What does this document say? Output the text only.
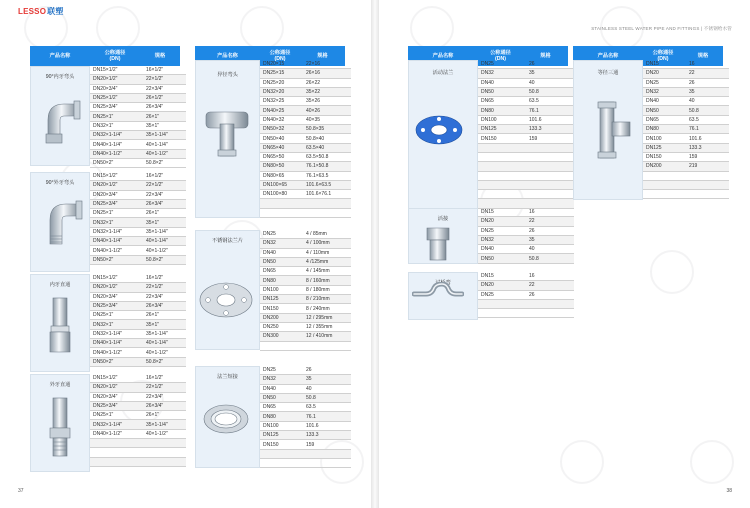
LESSO联塑
STAINLESS STEEL WATER PIPE AND FITTINGS | 不锈钢给水管
37	38
产品名称
公称通径
(DN)
规格	产品名称
公称通径
(DN)
规格	产品名称
公称通径
(DN)
规格	产品名称
公称通径
(DN)
规格
90°内牙弯头
DN15×1/2"	16×1/2"
DN20×1/2"	22×1/2"
DN20×3/4"	22×3/4"
DN25×1/2"	26×1/2"
DN25×3/4"	26×3/4"
DN25×1"	26×1"
DN32×1"	35×1"
DN32×1-1/4"	35×1-1/4"
DN40×1-1/4"	40×1-1/4"
DN40×1-1/2"	40×1-1/2"
DN50×2"	50.8×2"
90°外牙弯头
DN15×1/2"	16×1/2"
DN20×1/2"	22×1/2"
DN20×3/4"	22×3/4"
DN25×3/4"	26×3/4"
DN25×1"	26×1"
DN32×1"	35×1"
DN32×1-1/4"	35×1-1/4"
DN40×1-1/4"	40×1-1/4"
DN40×1-1/2"	40×1-1/2"
DN50×2"	50.8×2"
内牙直通
DN15×1/2"	16×1/2"
DN20×1/2"	22×1/2"
DN20×3/4"	22×3/4"
DN25×3/4"	26×3/4"
DN25×1"	26×1"
DN32×1"	35×1"
DN32×1-1/4"	35×1-1/4"
DN40×1-1/4"	40×1-1/4"
DN40×1-1/2"	40×1-1/2"
DN50×2"	50.8×2"
外牙直通
DN15×1/2"	16×1/2"
DN20×1/2"	22×1/2"
DN20×3/4"	22×3/4"
DN25×3/4"	26×3/4"
DN25×1"	26×1"
DN32×1-1/4"	35×1-1/4"
DN40×1-1/2"	40×1-1/2"
异径弯头
DN20×15	22×16
DN25×15	26×16
DN25×20	26×22
DN32×20	35×22
DN32×25	35×26
DN40×25	40×26
DN40×32	40×35
DN50×32	50.8×35
DN50×40	50.8×40
DN65×40	63.5×40
DN65×50	63.5×50.8
DN80×50	76.1×50.8
DN80×65	76.1×63.5
DN100×65	101.6×63.5
DN100×80	101.6×76.1
不锈钢法兰片
DN25	4 / 85mm
DN32	4 / 100mm
DN40	4 / 110mm
DN50	4 /125mm
DN65	4 / 145mm
DN80	8 / 160mm
DN100	8 / 180mm
DN125	8 / 210mm
DN150	8 / 240mm
DN200	12 / 295mm
DN250	12 / 355mm
DN300	12 / 410mm
法兰短接
DN25	26
DN32	35
DN40	40
DN50	50.8
DN65	63.5
DN80	76.1
DN100	101.6
DN125	133.3
DN150	159
活动法兰
DN25	26
DN32	35
DN40	40
DN50	50.8
DN65	63.5
DN80	76.1
DN100	101.6
DN125	133.3
DN150	159
活接
DN15	16
DN20	22
DN25	26
DN32	35
DN40	40
DN50	50.8
过桥弯
DN15	16
DN20	22
DN25	26
等径三通
DN15	16
DN20	22
DN25	26
DN32	35
DN40	40
DN50	50.8
DN65	63.5
DN80	76.1
DN100	101.6
DN125	133.3
DN150	159
DN200	219
